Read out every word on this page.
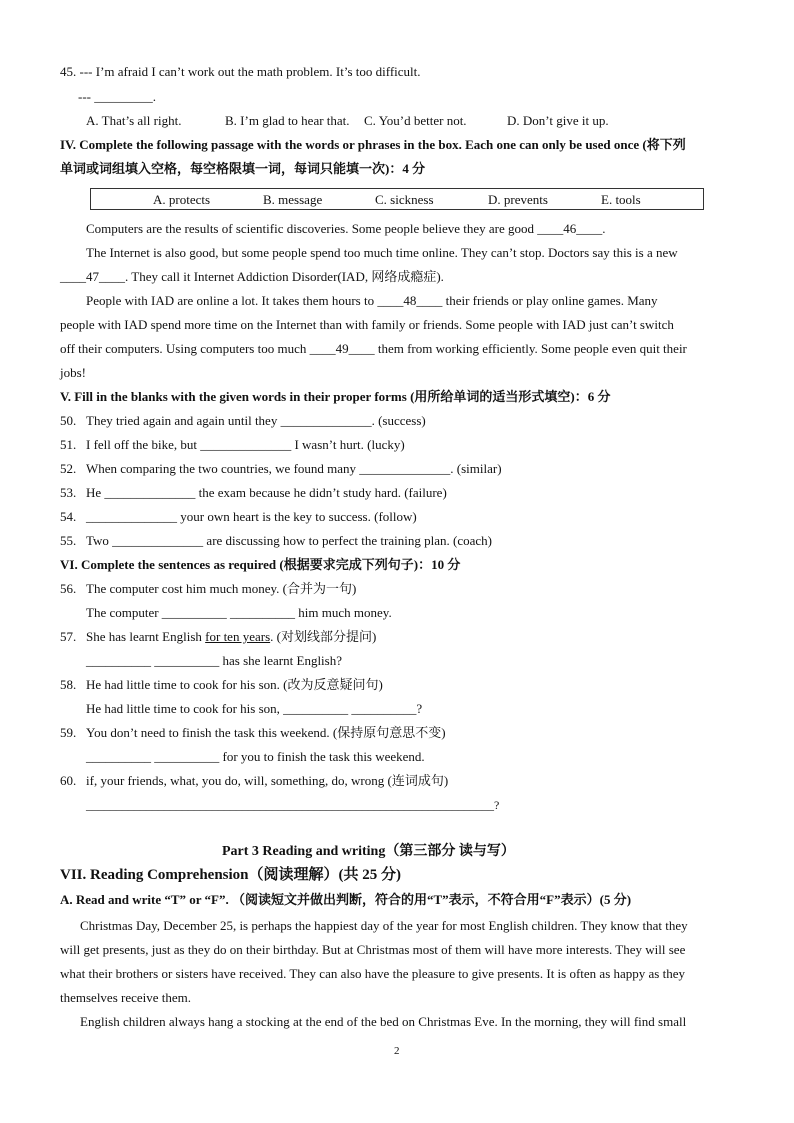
45. --- I’m afraid I can’t work out the math problem. It’s too difficult.
--- _________.
A. That’s all right.	B. I’m glad to hear that. C. You’d better not.	D. Don’t give it up.
IV. Complete the following passage with the words or phrases in the box. Each one can only be used once (将下列
单词或词组填入空格，每空格限填一词，每词只能填一次)：4 分
A. protects	B. message	C. sickness	D. prevents	E. tools
Computers are the results of scientific discoveries. Some people believe they are good ____46____.
The Internet is also good, but some people spend too much time online. They can’t stop. Doctors say this is a new
____47____. They call it Internet Addiction Disorder(IAD, 网络成瘾症).
People with IAD are online a lot. It takes them hours to ____48____ their friends or play online games. Many
people with IAD spend more time on the Internet than with family or friends. Some people with IAD just can’t switch
off their computers. Using computers too much ____49____ them from working efficiently. Some people even quit their
jobs!
V. Fill in the blanks with the given words in their proper forms (用所给单词的适当形式填空)：6 分
50. They tried again and again until they ______________. (success)
51. I fell off the bike, but ______________ I wasn’t hurt. (lucky)
52. When comparing the two countries, we found many ______________. (similar)
53. He ______________ the exam because he didn’t study hard. (failure)
54. ______________ your own heart is the key to success. (follow)
55. Two ______________ are discussing how to perfect the training plan. (coach)
VI. Complete the sentences as required (根据要求完成下列句子)：10 分
56. The computer cost him much money. (合并为一句)
The computer __________ __________ him much money.
57. She has learnt English for ten years. (对划线部分提问)
__________ __________ has she learnt English?
58. He had little time to cook for his son. (改为反意疑问句)
He had little time to cook for his son, __________ __________?
59. You don’t need to finish the task this weekend. (保持原句意思不变)
__________ __________ for you to finish the task this weekend.
60. if, your friends, what, you do, will, something, do, wrong (连词成句)
____________________________________________________________________?
Part 3 Reading and writing（第三部分 读与写）
VII. Reading Comprehension（阅读理解）(共 25 分)
A. Read and write “T” or “F”. （阅读短文并做出判断，符合的用“T”表示，不符合用“F”表示）(5 分)
Christmas Day, December 25, is perhaps the happiest day of the year for most English children. They know that they
will get presents, just as they do on their birthday. But at Christmas most of them will have more interests. They will see
what their brothers or sisters have received. They can also have the pleasure to give presents. It is often as happy as they
themselves receive them.
English children always hang a stocking at the end of the bed on Christmas Eve. In the morning, they will find small
2
